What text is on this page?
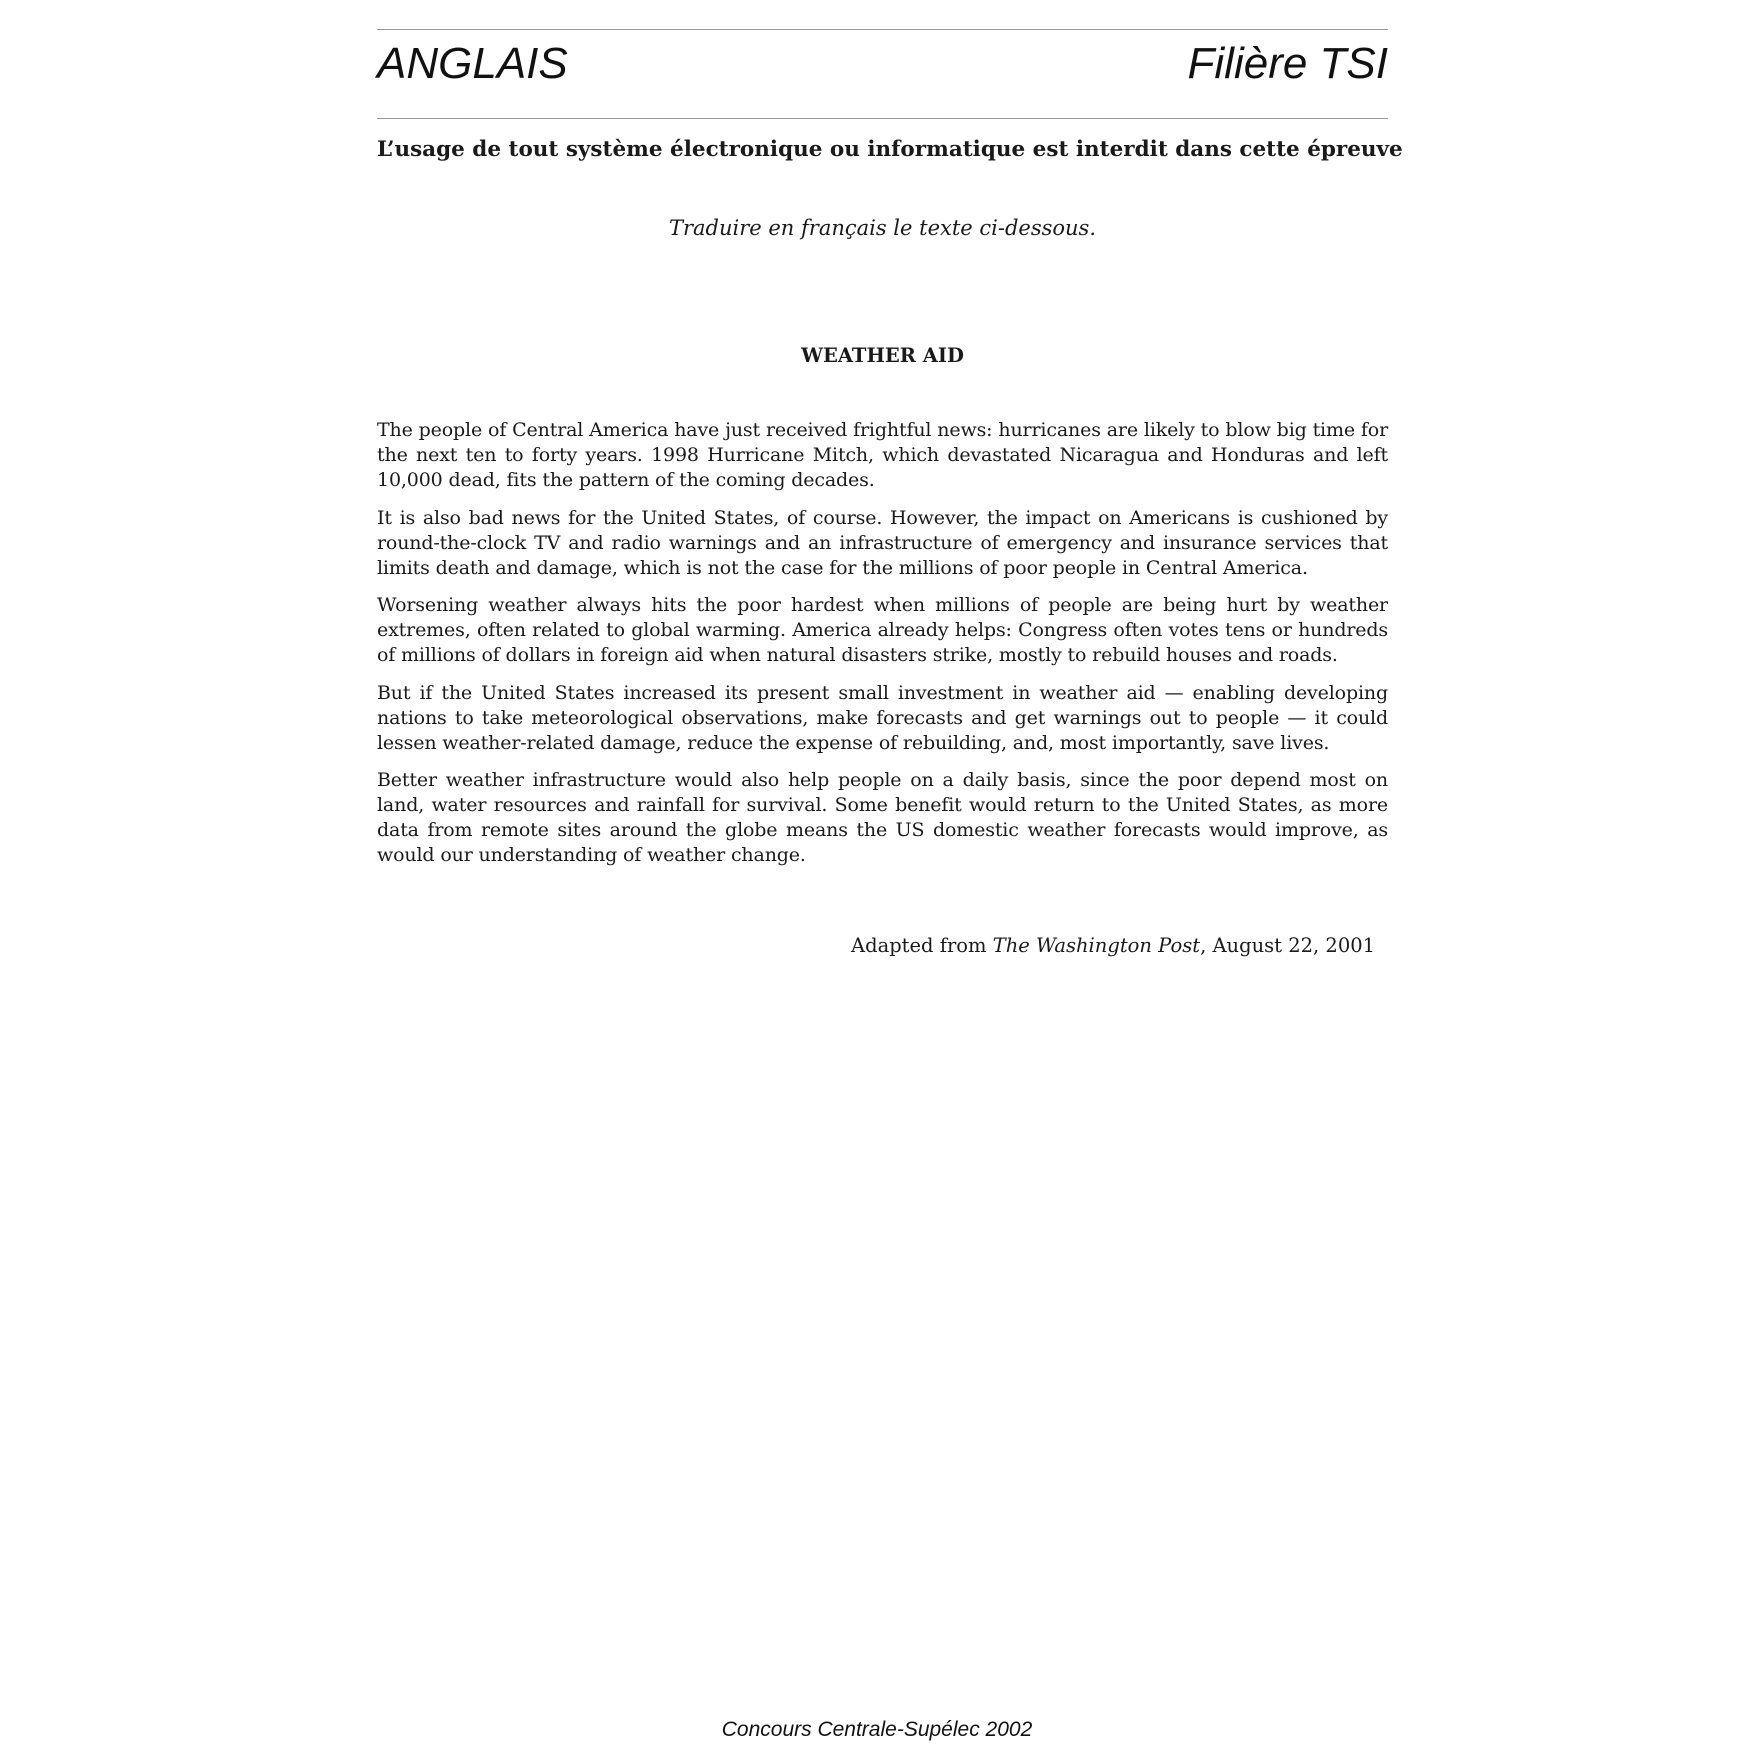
ANGLAIS	Filière TSI
L’usage de tout système électronique ou informatique est interdit dans cette épreuve
Traduire en français le texte ci-dessous.
WEATHER AID

The people of Central America have just received frightful news: hurricanes are likely to blow big time for the next ten to forty years. 1998 Hurricane Mitch, which devastated Nicaragua and Honduras and left 10,000 dead, fits the pattern of the coming decades.

It is also bad news for the United States, of course. However, the impact on Americans is cushioned by round-the-clock TV and radio warnings and an infrastructure of emergency and insurance services that limits death and damage, which is not the case for the millions of poor people in Central America.

Worsening weather always hits the poor hardest when millions of people are being hurt by weather extremes, often related to global warming. America already helps: Congress often votes tens or hundreds of millions of dollars in foreign aid when natural disasters strike, mostly to rebuild houses and roads.

But if the United States increased its present small investment in weather aid — enabling developing nations to take meteorological observations, make forecasts and get warnings out to people — it could lessen weather-related damage, reduce the expense of rebuilding, and, most importantly, save lives.

Better weather infrastructure would also help people on a daily basis, since the poor depend most on land, water resources and rainfall for survival. Some benefit would return to the United States, as more data from remote sites around the globe means the US domestic weather forecasts would improve, as would our understanding of weather change.

Adapted from The Washington Post, August 22, 2001
Concours Centrale-Supélec 2002
